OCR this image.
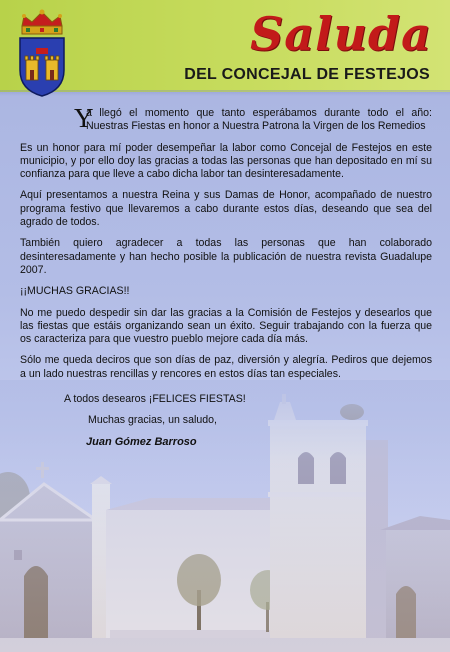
Saluda
DEL CONCEJAL DE FESTEJOS

Y
a llegó el momento que tanto esperábamos durante todo el año: Nuestras Fiestas en honor a Nuestra Patrona la Virgen de los Remedios

Es un honor para mí poder desempeñar la labor como Concejal de Festejos en este municipio, y por ello doy las gracias a todas las personas que han depositado en mí su confianza para que lleve a cabo dicha labor tan desinteresadamente.

Aquí presentamos a nuestra Reina y sus Damas de Honor, acompañado de nuestro programa festivo que llevaremos a cabo durante estos días, deseando que sea del agrado de todos.

También quiero agradecer a todas las personas que han colaborado desinteresadamente y han hecho posible la publicación de nuestra revista Guadalupe 2007.

¡¡MUCHAS GRACIAS!!

No me puedo despedir sin dar las gracias a la Comisión de Festejos y desearlos que las fiestas que estáis organizando sean un éxito. Seguir trabajando con la fuerza que os caracteriza para que vuestro pueblo mejore cada día más.

Sólo me queda deciros que son días de paz, diversión y alegría. Pediros que dejemos a un lado nuestras rencillas y rencores en estos días tan especiales.

A todos desearos ¡FELICES FIESTAS!
Muchas gracias, un saludo,
Juan Gómez Barroso
